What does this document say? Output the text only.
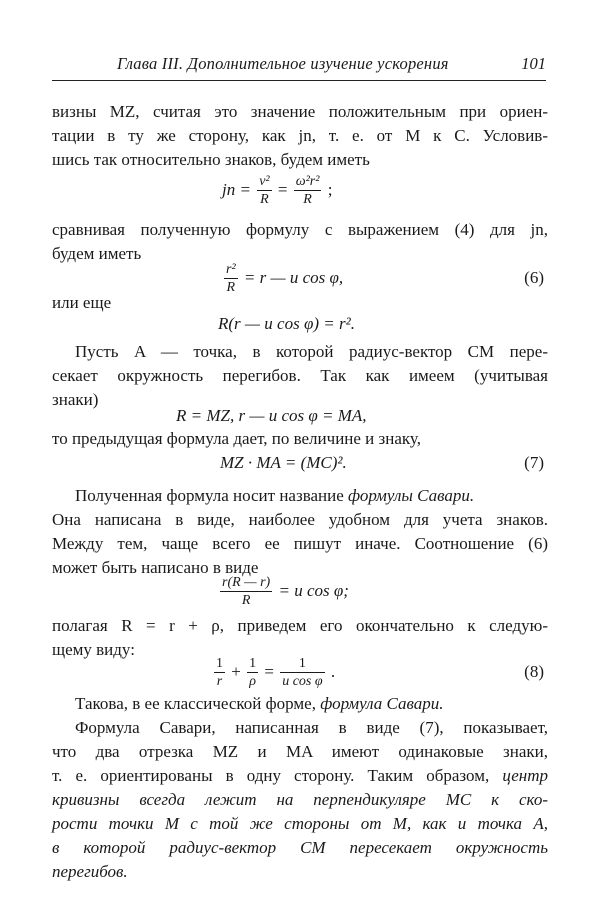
Глава III. Дополнительное изучение ускорения	101
визны MZ, считая это значение положительным при ориен-
тации в ту же сторону, как jn, т. е. от M к C. Условив-
шись так относительно знаков, будем иметь
jn = $\frac{\text{v²}}{R} = \frac{\text{ω²r²}}{R}$ ;
сравнивая полученную формулу с выражением (4) для jn,
будем иметь
$\frac{\text{r²}}{R} = r$ — u cos φ,	(6)
или еще
R(r — u cos φ) = r².
Пусть A — точка, в которой радиус-вектор CM пере-
секает окружность перегибов. Так как имеем (учитывая
знаки)
R = MZ, r — u cos φ = MA,
то предыдущая формула дает, по величине и знаку,
MZ · MA = (MC)².	(7)
Полученная формула носит название формулы Савари.
Она написана в виде, наиболее удобном для учета знаков.
Между тем, чаще всего ее пишут иначе. Соотношение (6)
может быть написано в виде
$\frac{r(R — r)}{R} = u$ cos φ;
полагая R = r + ρ, приведем его окончательно к следую-
щему виду:
$\frac{1}{r} + \frac{1}{\rho} = \frac{1}{\text{u cos φ}}$ .	(8)
Такова, в ее классической форме, формула Савари.
Формула Савари, написанная в виде (7), показывает,
что два отрезка MZ и MA имеют одинаковые знаки,
т. е. ориентированы в одну сторону. Таким образом, центр
кривизны всегда лежит на перпендикуляре MC к ско-
рости точки M с той же стороны от M, как и точка A,
в которой радиус-вектор CM пересекает окружность
перегибов.
